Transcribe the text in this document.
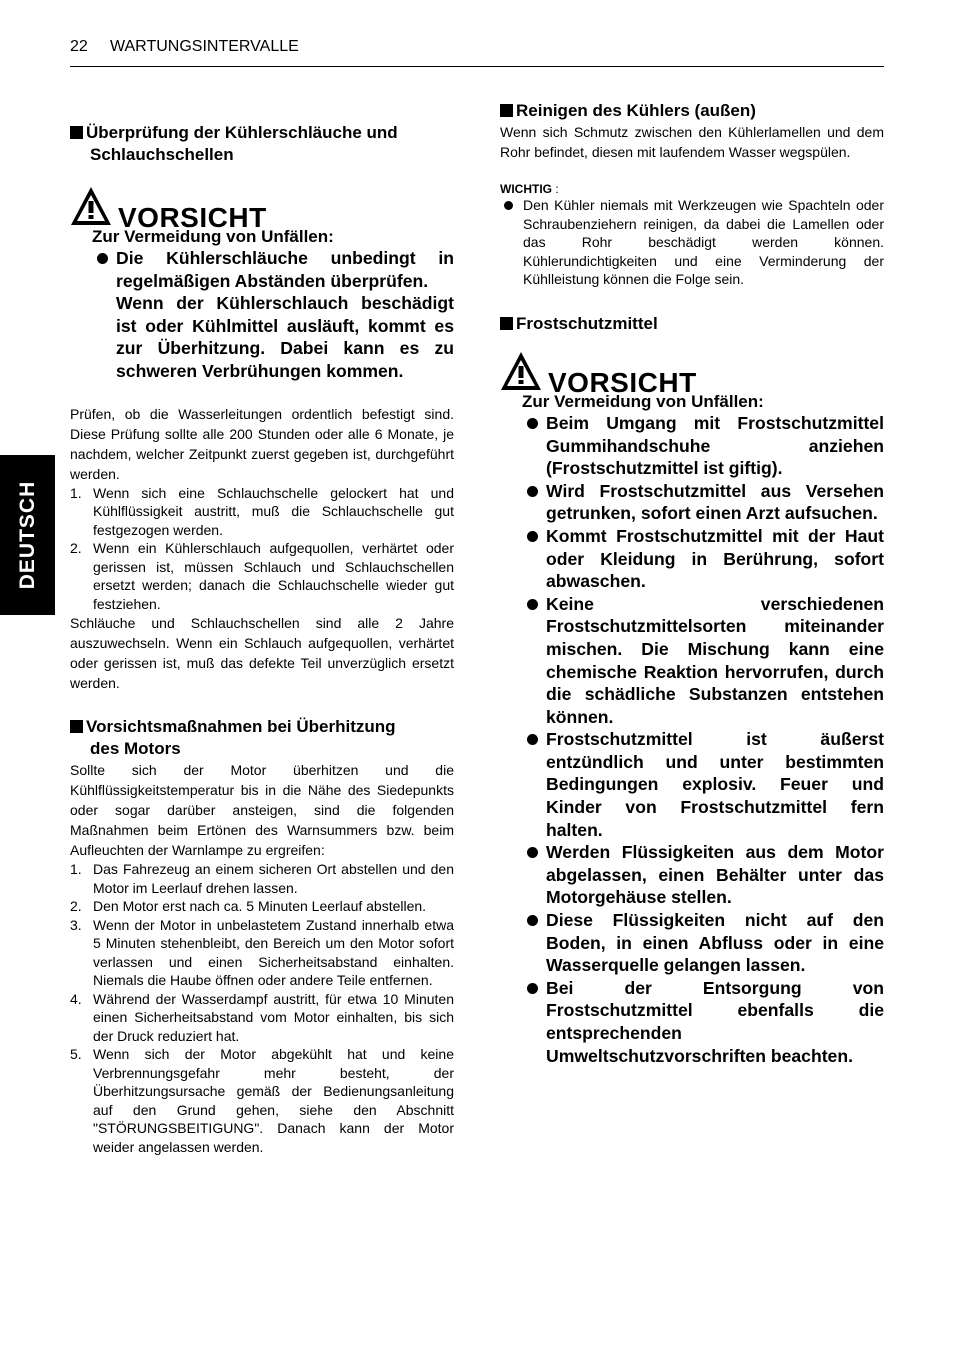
22 WARTUNGSINTERVALLE
DEUTSCH
Überprüfung der Kühlerschläuche und
Schlauchschellen
VORSICHT
Zur Vermeidung von Unfällen:
Die Kühlerschläuche unbedingt in regelmäßigen Abständen überprüfen.
Wenn der Kühlerschlauch beschädigt ist oder Kühlmittel ausläuft, kommt es zur Überhitzung. Dabei kann es zu schweren Verbrühungen kommen.
Prüfen, ob die Wasserleitungen ordentlich befestigt sind. Diese Prüfung sollte alle 200 Stunden oder alle 6 Monate, je nachdem, welcher Zeitpunkt zuerst gegeben ist, durchgeführt werden.
1. Wenn sich eine Schlauchschelle gelockert hat und Kühlflüssigkeit austritt, muß die Schlauchschelle gut festgezogen werden.
2. Wenn ein Kühlerschlauch aufgequollen, verhärtet oder gerissen ist, müssen Schlauch und Schlauchschellen ersetzt werden; danach die Schlauchschelle wieder gut festziehen.
Schläuche und Schlauchschellen sind alle 2 Jahre auszuwechseln. Wenn ein Schlauch aufgequollen, verhärtet oder gerissen ist, muß das defekte Teil unverzüglich ersetzt werden.
Vorsichtsmaßnahmen bei Überhitzung
des Motors
Sollte sich der Motor überhitzen und die Kühlflüssigkeitstemperatur bis in die Nähe des Siedepunkts oder sogar darüber ansteigen, sind die folgenden Maßnahmen beim Ertönen des Warnsummers bzw. beim Aufleuchten der Warnlampe zu ergreifen:
1. Das Fahrezeug an einem sicheren Ort abstellen und den Motor im Leerlauf drehen lassen.
2. Den Motor erst nach ca. 5 Minuten Leerlauf abstellen.
3. Wenn der Motor in unbelastetem Zustand innerhalb etwa 5 Minuten stehenbleibt, den Bereich um den Motor sofort verlassen und einen Sicherheitsabstand einhalten. Niemals die Haube öffnen oder andere Teile entfernen.
4. Während der Wasserdampf austritt, für etwa 10 Minuten einen Sicherheitsabstand vom Motor einhalten, bis sich der Druck reduziert hat.
5. Wenn sich der Motor abgekühlt hat und keine Verbrennungsgefahr mehr besteht, der Überhitzungsursache gemäß der Bedienungsanleitung auf den Grund gehen, siehe den Abschnitt "STÖRUNGSBEITIGUNG". Danach kann der Motor weider angelassen werden.
Reinigen des Kühlers (außen)
Wenn sich Schmutz zwischen den Kühlerlamellen und dem Rohr befindet, diesen mit laufendem Wasser wegspülen.
WICHTIG :
Den Kühler niemals mit Werkzeugen wie Spachteln oder Schraubenziehern reinigen, da dabei die Lamellen oder das Rohr beschädigt werden können. Kühlerundichtigkeiten und eine Verminderung der Kühlleistung können die Folge sein.
Frostschutzmittel
VORSICHT
Zur Vermeidung von Unfällen:
Beim Umgang mit Frostschutzmittel Gummihandschuhe anziehen (Frostschutzmittel ist giftig).
Wird Frostschutzmittel aus Versehen getrunken, sofort einen Arzt aufsuchen.
Kommt Frostschutzmittel mit der Haut oder Kleidung in Berührung, sofort abwaschen.
Keine verschiedenen Frostschutzmittelsorten miteinander mischen. Die Mischung kann eine chemische Reaktion hervorrufen, durch die schädliche Substanzen entstehen können.
Frostschutzmittel ist äußerst entzündlich und unter bestimmten Bedingungen explosiv. Feuer und Kinder von Frostschutzmittel fern halten.
Werden Flüssigkeiten aus dem Motor abgelassen, einen Behälter unter das Motorgehäuse stellen.
Diese Flüssigkeiten nicht auf den Boden, in einen Abfluss oder in eine Wasserquelle gelangen lassen.
Bei der Entsorgung von Frostschutzmittel ebenfalls die entsprechenden Umweltschutzvorschriften beachten.
